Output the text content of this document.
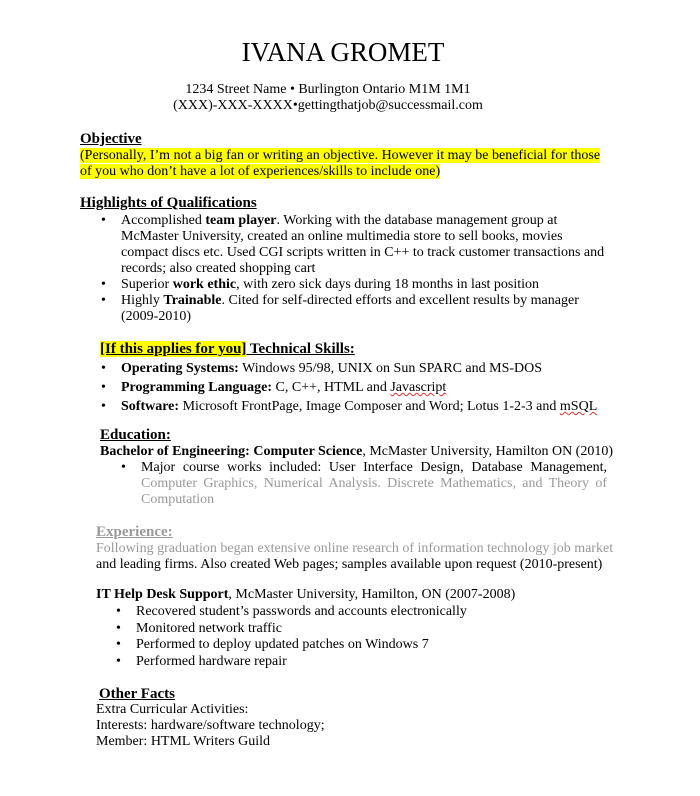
IVANA GROMET
1234 Street Name • Burlington Ontario M1M 1M1
(XXX)-XXX-XXXX•gettingthatjob@successmail.com
Objective
(Personally, I’m not a big fan or writing an objective. However it may be beneficial for those of you who don’t have a lot of experiences/skills to include one)
Highlights of Qualifications
• Accomplished team player. Working with the database management group at McMaster University, created an online multimedia store to sell books, movies compact discs etc. Used CGI scripts written in C++ to track customer transactions and records; also created shopping cart
• Superior work ethic, with zero sick days during 18 months in last position
• Highly Trainable. Cited for self-directed efforts and excellent results by manager (2009-2010)
[If this applies for you] Technical Skills:
• Operating Systems: Windows 95/98, UNIX on Sun SPARC and MS-DOS
• Programming Language: C, C++, HTML and Javascript
• Software: Microsoft FrontPage, Image Composer and Word; Lotus 1-2-3 and mSQL
Education:
Bachelor of Engineering: Computer Science, McMaster University, Hamilton ON (2010)
• Major course works included: User Interface Design, Database Management, Computer Graphics, Numerical Analysis. Discrete Mathematics, and Theory of Computation
Experience:
Following graduation began extensive online research of information technology job market
and leading firms. Also created Web pages; samples available upon request (2010-present)
IT Help Desk Support, McMaster University, Hamilton, ON (2007-2008)
• Recovered student’s passwords and accounts electronically
• Monitored network traffic
• Performed to deploy updated patches on Windows 7
• Performed hardware repair
Other Facts
Extra Curricular Activities:
Interests: hardware/software technology;
Member: HTML Writers Guild
